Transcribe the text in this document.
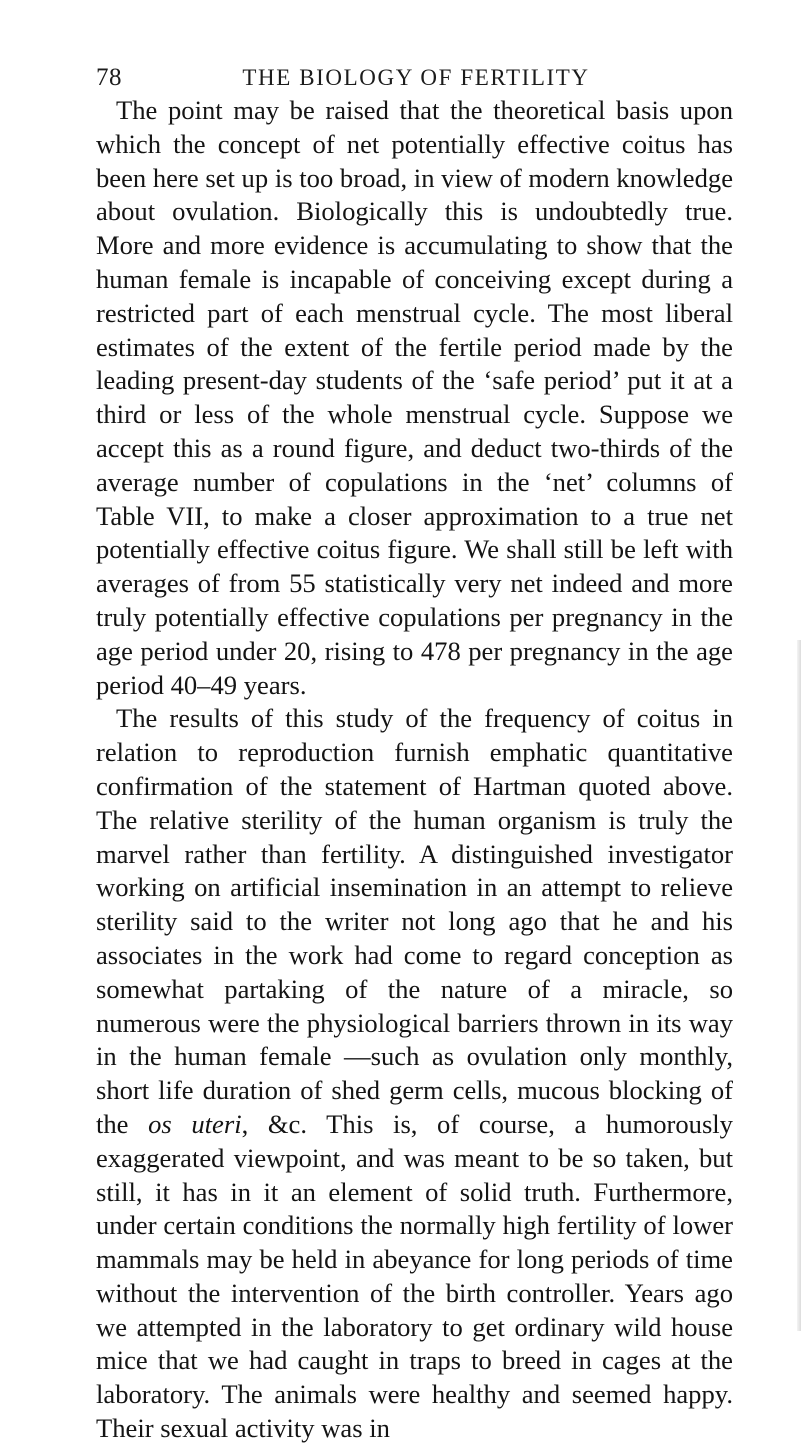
78	THE BIOLOGY OF FERTILITY

The point may be raised that the theoretical basis upon which the concept of net potentially effective coitus has been here set up is too broad, in view of modern knowledge about ovulation. Biologically this is undoubtedly true. More and more evidence is accumulating to show that the human female is incapable of conceiving except during a restricted part of each menstrual cycle. The most liberal estimates of the extent of the fertile period made by the leading present-day students of the ‘safe period’ put it at a third or less of the whole menstrual cycle. Suppose we accept this as a round figure, and deduct two-thirds of the average number of copulations in the ‘net’ columns of Table VII, to make a closer approximation to a true net potentially effective coitus figure. We shall still be left with averages of from 55 statistically very net indeed and more truly potentially effective copulations per pregnancy in the age period under 20, rising to 478 per pregnancy in the age period 40–49 years.

The results of this study of the frequency of coitus in relation to reproduction furnish emphatic quantitative confirmation of the statement of Hartman quoted above. The relative sterility of the human organism is truly the marvel rather than fertility. A distinguished investigator working on artificial insemination in an attempt to relieve sterility said to the writer not long ago that he and his associates in the work had come to regard conception as somewhat partaking of the nature of a miracle, so numerous were the physiological barriers thrown in its way in the human female —such as ovulation only monthly, short life duration of shed germ cells, mucous blocking of the os uteri, &c. This is, of course, a humorously exaggerated viewpoint, and was meant to be so taken, but still, it has in it an element of solid truth. Furthermore, under certain conditions the normally high fertility of lower mammals may be held in abeyance for long periods of time without the intervention of the birth controller. Years ago we attempted in the laboratory to get ordinary wild house mice that we had caught in traps to breed in cages at the laboratory. The animals were healthy and seemed happy. Their sexual activity was in
